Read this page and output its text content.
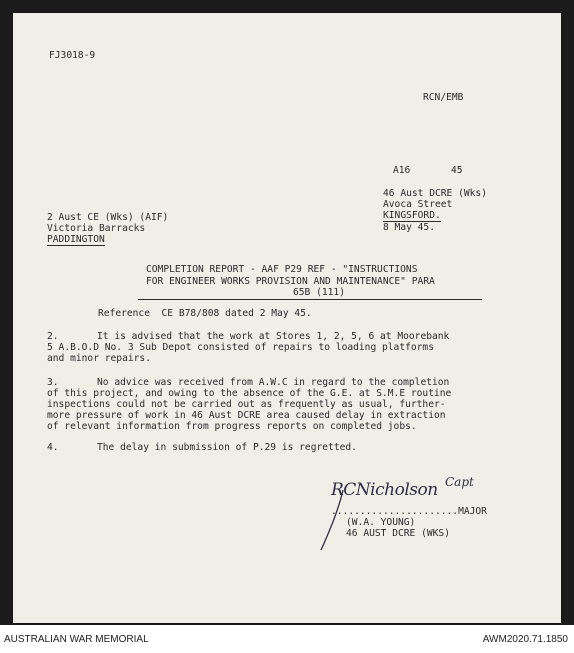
FJ3018-9
RCN/EMB
A16	45
46 Aust DCRE (Wks)
Avoca Street
KINGSFORD.
8 May 45.
2 Aust CE (Wks) (AIF)
Victoria Barracks
PADDINGTON
COMPLETION REPORT - AAF P29 REF - "INSTRUCTIONS
FOR ENGINEER WORKS PROVISION AND MAINTENANCE" PARA
65B (111)
Reference  CE B78/808 dated 2 May 45.
2.	It is advised that the work at Stores 1, 2, 5, 6 at Moorebank
5 A.B.O.D No. 3 Sub Depot consisted of repairs to loading platforms
and minor repairs.
3.	No advice was received from A.W.C in regard to the completion
of this project, and owing to the absence of the G.E. at S.M.E routine
inspections could not be carried out as frequently as usual, further-
more pressure of work in 46 Aust DCRE area caused delay in extraction
of relevant information from progress reports on completed jobs.
4.	The delay in submission of P.29 is regretted.
RCNicholson Capt
......................MAJOR
(W.A. YOUNG)
46 AUST DCRE (WKS)
AUSTRALIAN WAR MEMORIAL	AWM2020.71.1850
